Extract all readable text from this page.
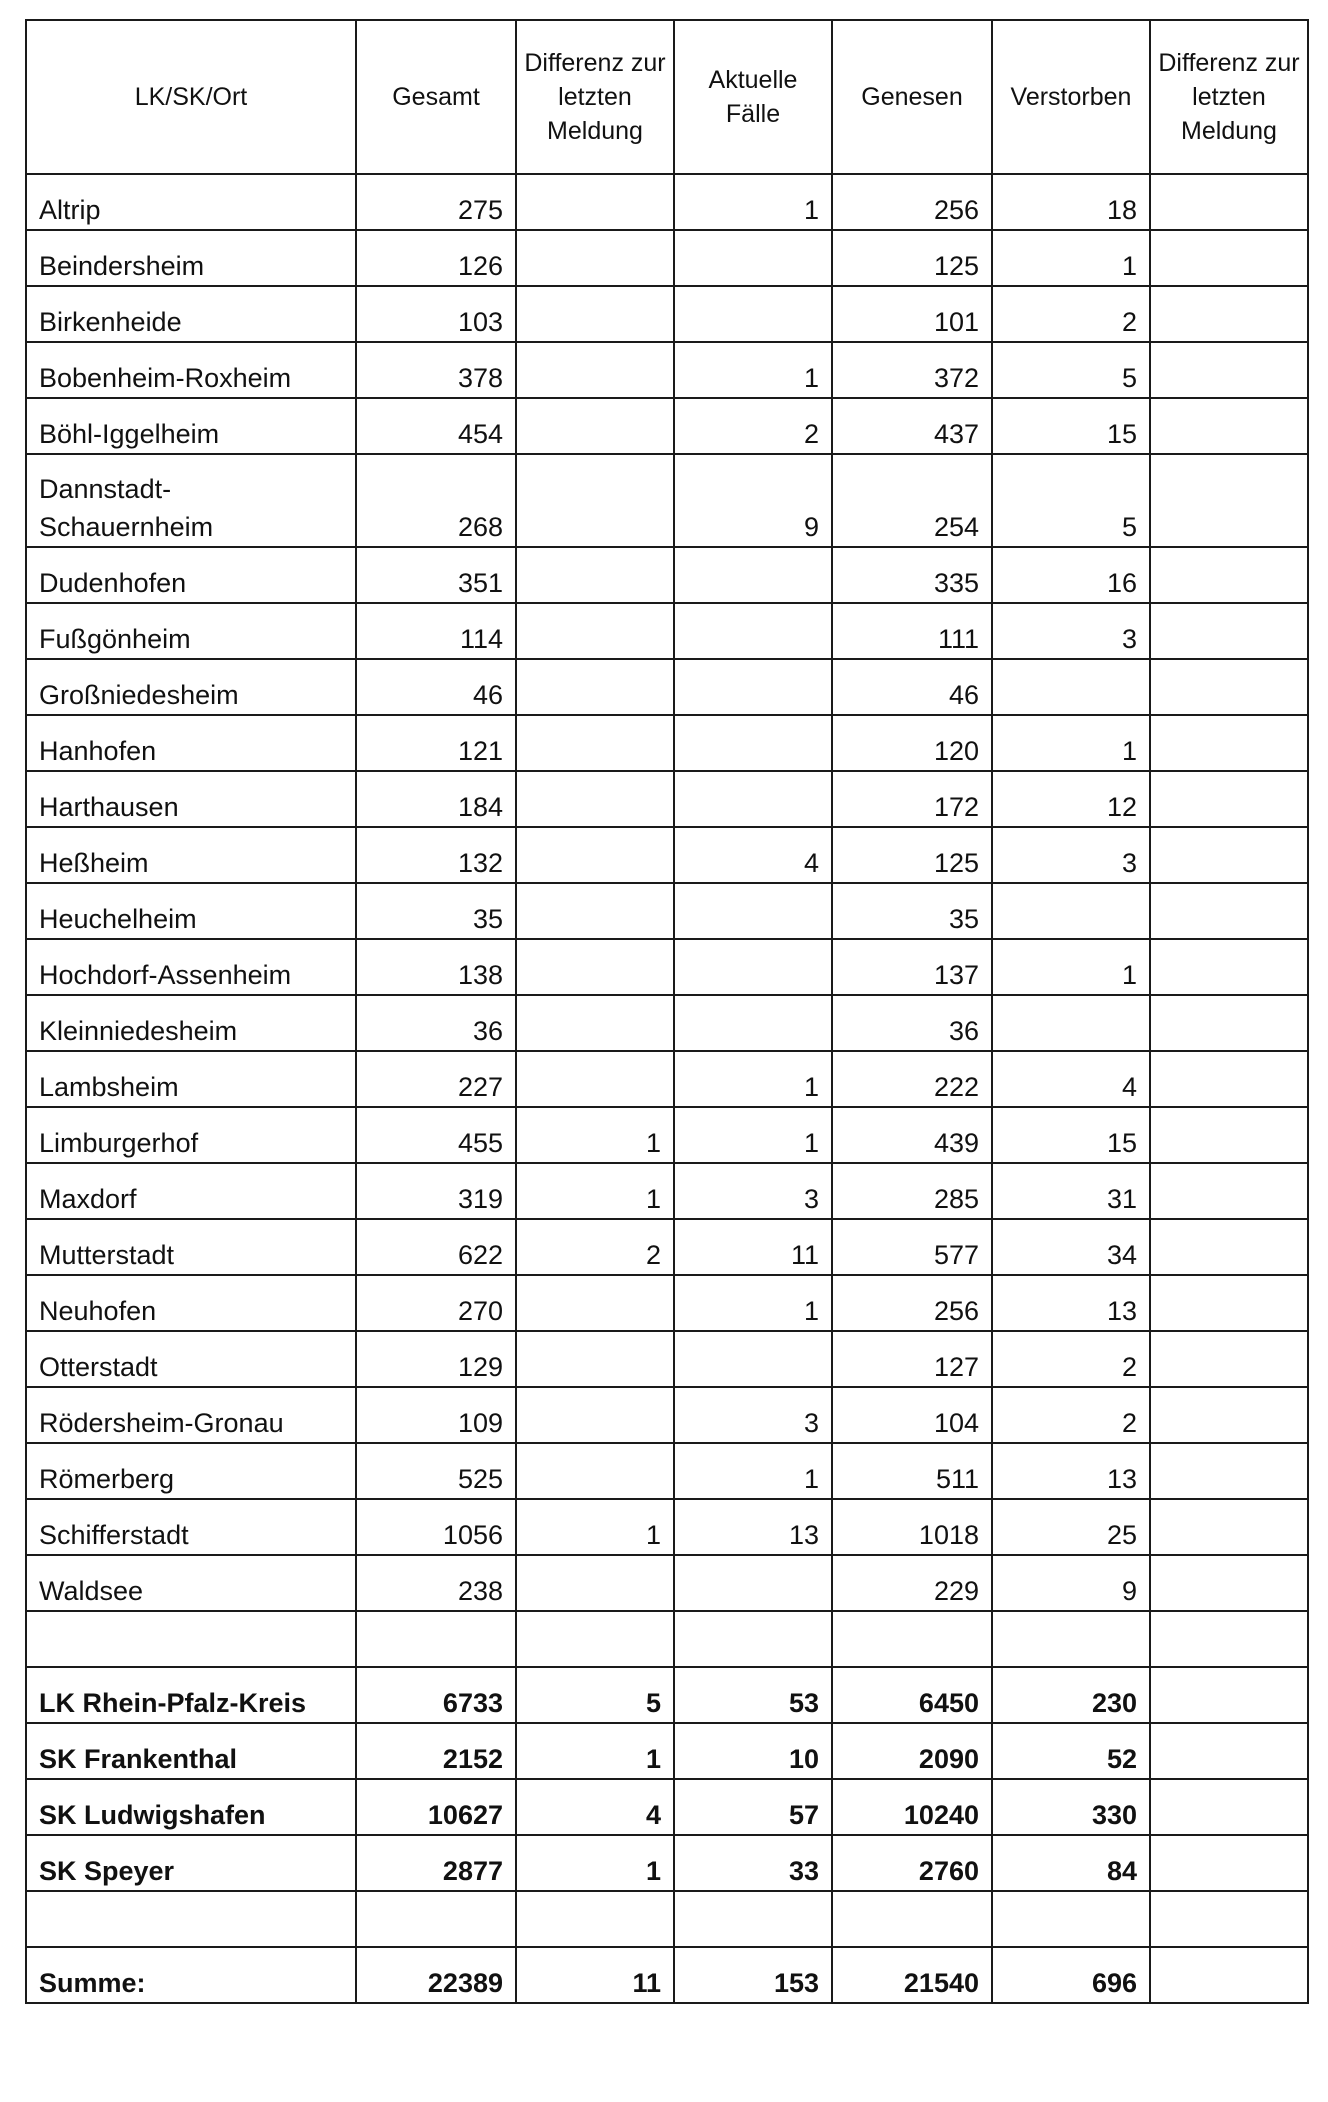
LK/SK/Ort	Gesamt	Differenz zur letzten Meldung	Aktuelle Fälle	Genesen	Verstorben	Differenz zur letzten Meldung
Altrip	275		1	256	18	
Beindersheim	126			125	1	
Birkenheide	103			101	2	
Bobenheim-Roxheim	378		1	372	5	
Böhl-Iggelheim	454		2	437	15	
Dannstadt-Schauernheim	268		9	254	5	
Dudenhofen	351			335	16	
Fußgönheim	114			111	3	
Großniedesheim	46			46		
Hanhofen	121			120	1	
Harthausen	184			172	12	
Heßheim	132		4	125	3	
Heuchelheim	35			35		
Hochdorf-Assenheim	138			137	1	
Kleinniedesheim	36			36		
Lambsheim	227		1	222	4	
Limburgerhof	455	1	1	439	15	
Maxdorf	319	1	3	285	31	
Mutterstadt	622	2	11	577	34	
Neuhofen	270		1	256	13	
Otterstadt	129			127	2	
Rödersheim-Gronau	109		3	104	2	
Römerberg	525		1	511	13	
Schifferstadt	1056	1	13	1018	25	
Waldsee	238			229	9	

LK Rhein-Pfalz-Kreis	6733	5	53	6450	230	
SK Frankenthal	2152	1	10	2090	52	
SK Ludwigshafen	10627	4	57	10240	330	
SK Speyer	2877	1	33	2760	84	

Summe:	22389	11	153	21540	696	
